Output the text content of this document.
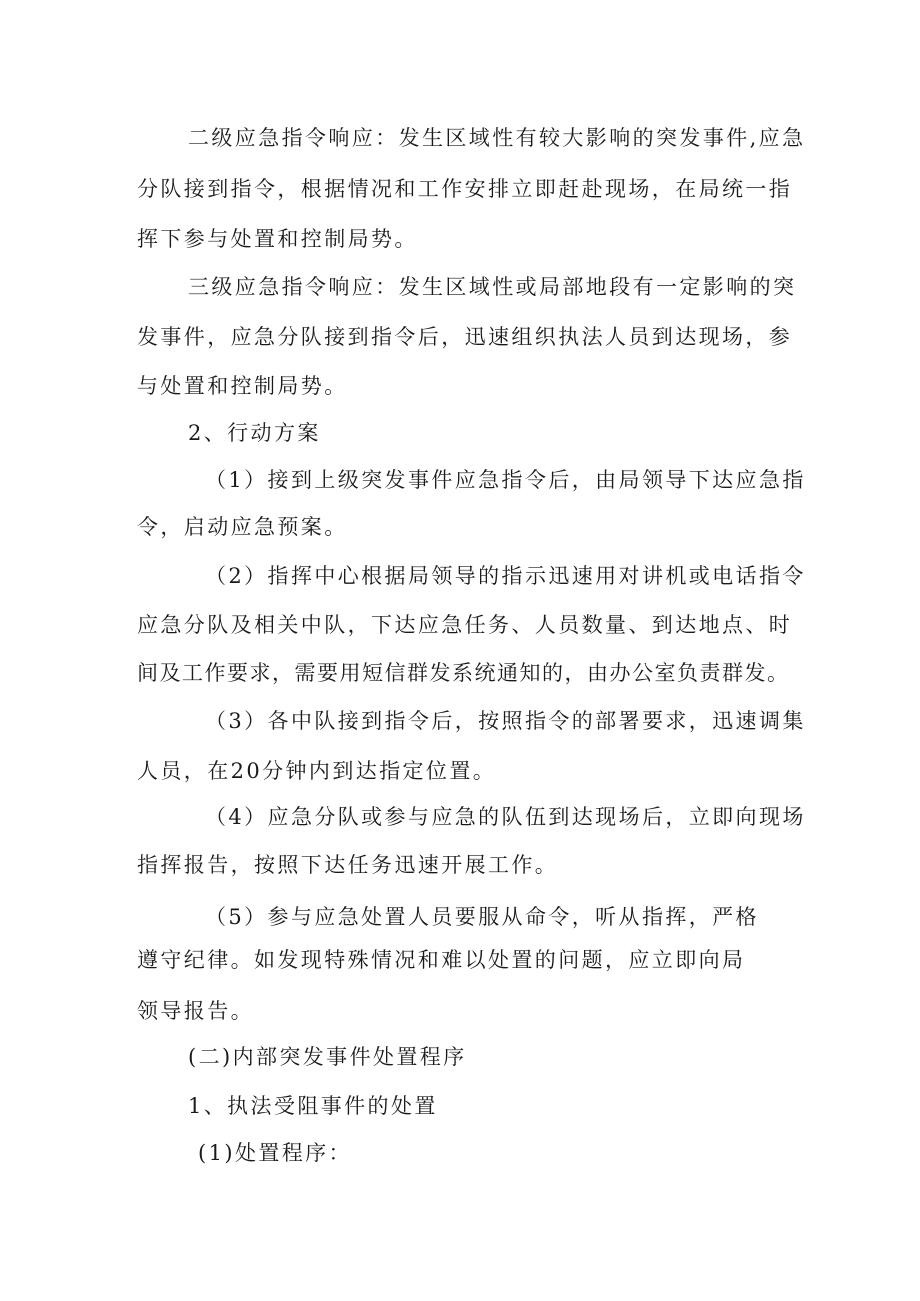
二级应急指令响应：发生区域性有较大影响的突发事件,应急
分队接到指令，根据情况和工作安排立即赶赴现场，在局统一指
挥下参与处置和控制局势。
三级应急指令响应：发生区域性或局部地段有一定影响的突
发事件，应急分队接到指令后，迅速组织执法人员到达现场，参
与处置和控制局势。
2、行动方案
（1）接到上级突发事件应急指令后，由局领导下达应急指
令，启动应急预案。
（2）指挥中心根据局领导的指示迅速用对讲机或电话指令
应急分队及相关中队，下达应急任务、人员数量、到达地点、时
间及工作要求，需要用短信群发系统通知的，由办公室负责群发。
（3）各中队接到指令后，按照指令的部署要求，迅速调集
人员，在20分钟内到达指定位置。
（4）应急分队或参与应急的队伍到达现场后，立即向现场
指挥报告，按照下达任务迅速开展工作。
（5）参与应急处置人员要服从命令，听从指挥，严格
遵守纪律。如发现特殊情况和难以处置的问题，应立即向局
领导报告。
(二)内部突发事件处置程序
1、执法受阻事件的处置
(1)处置程序：
